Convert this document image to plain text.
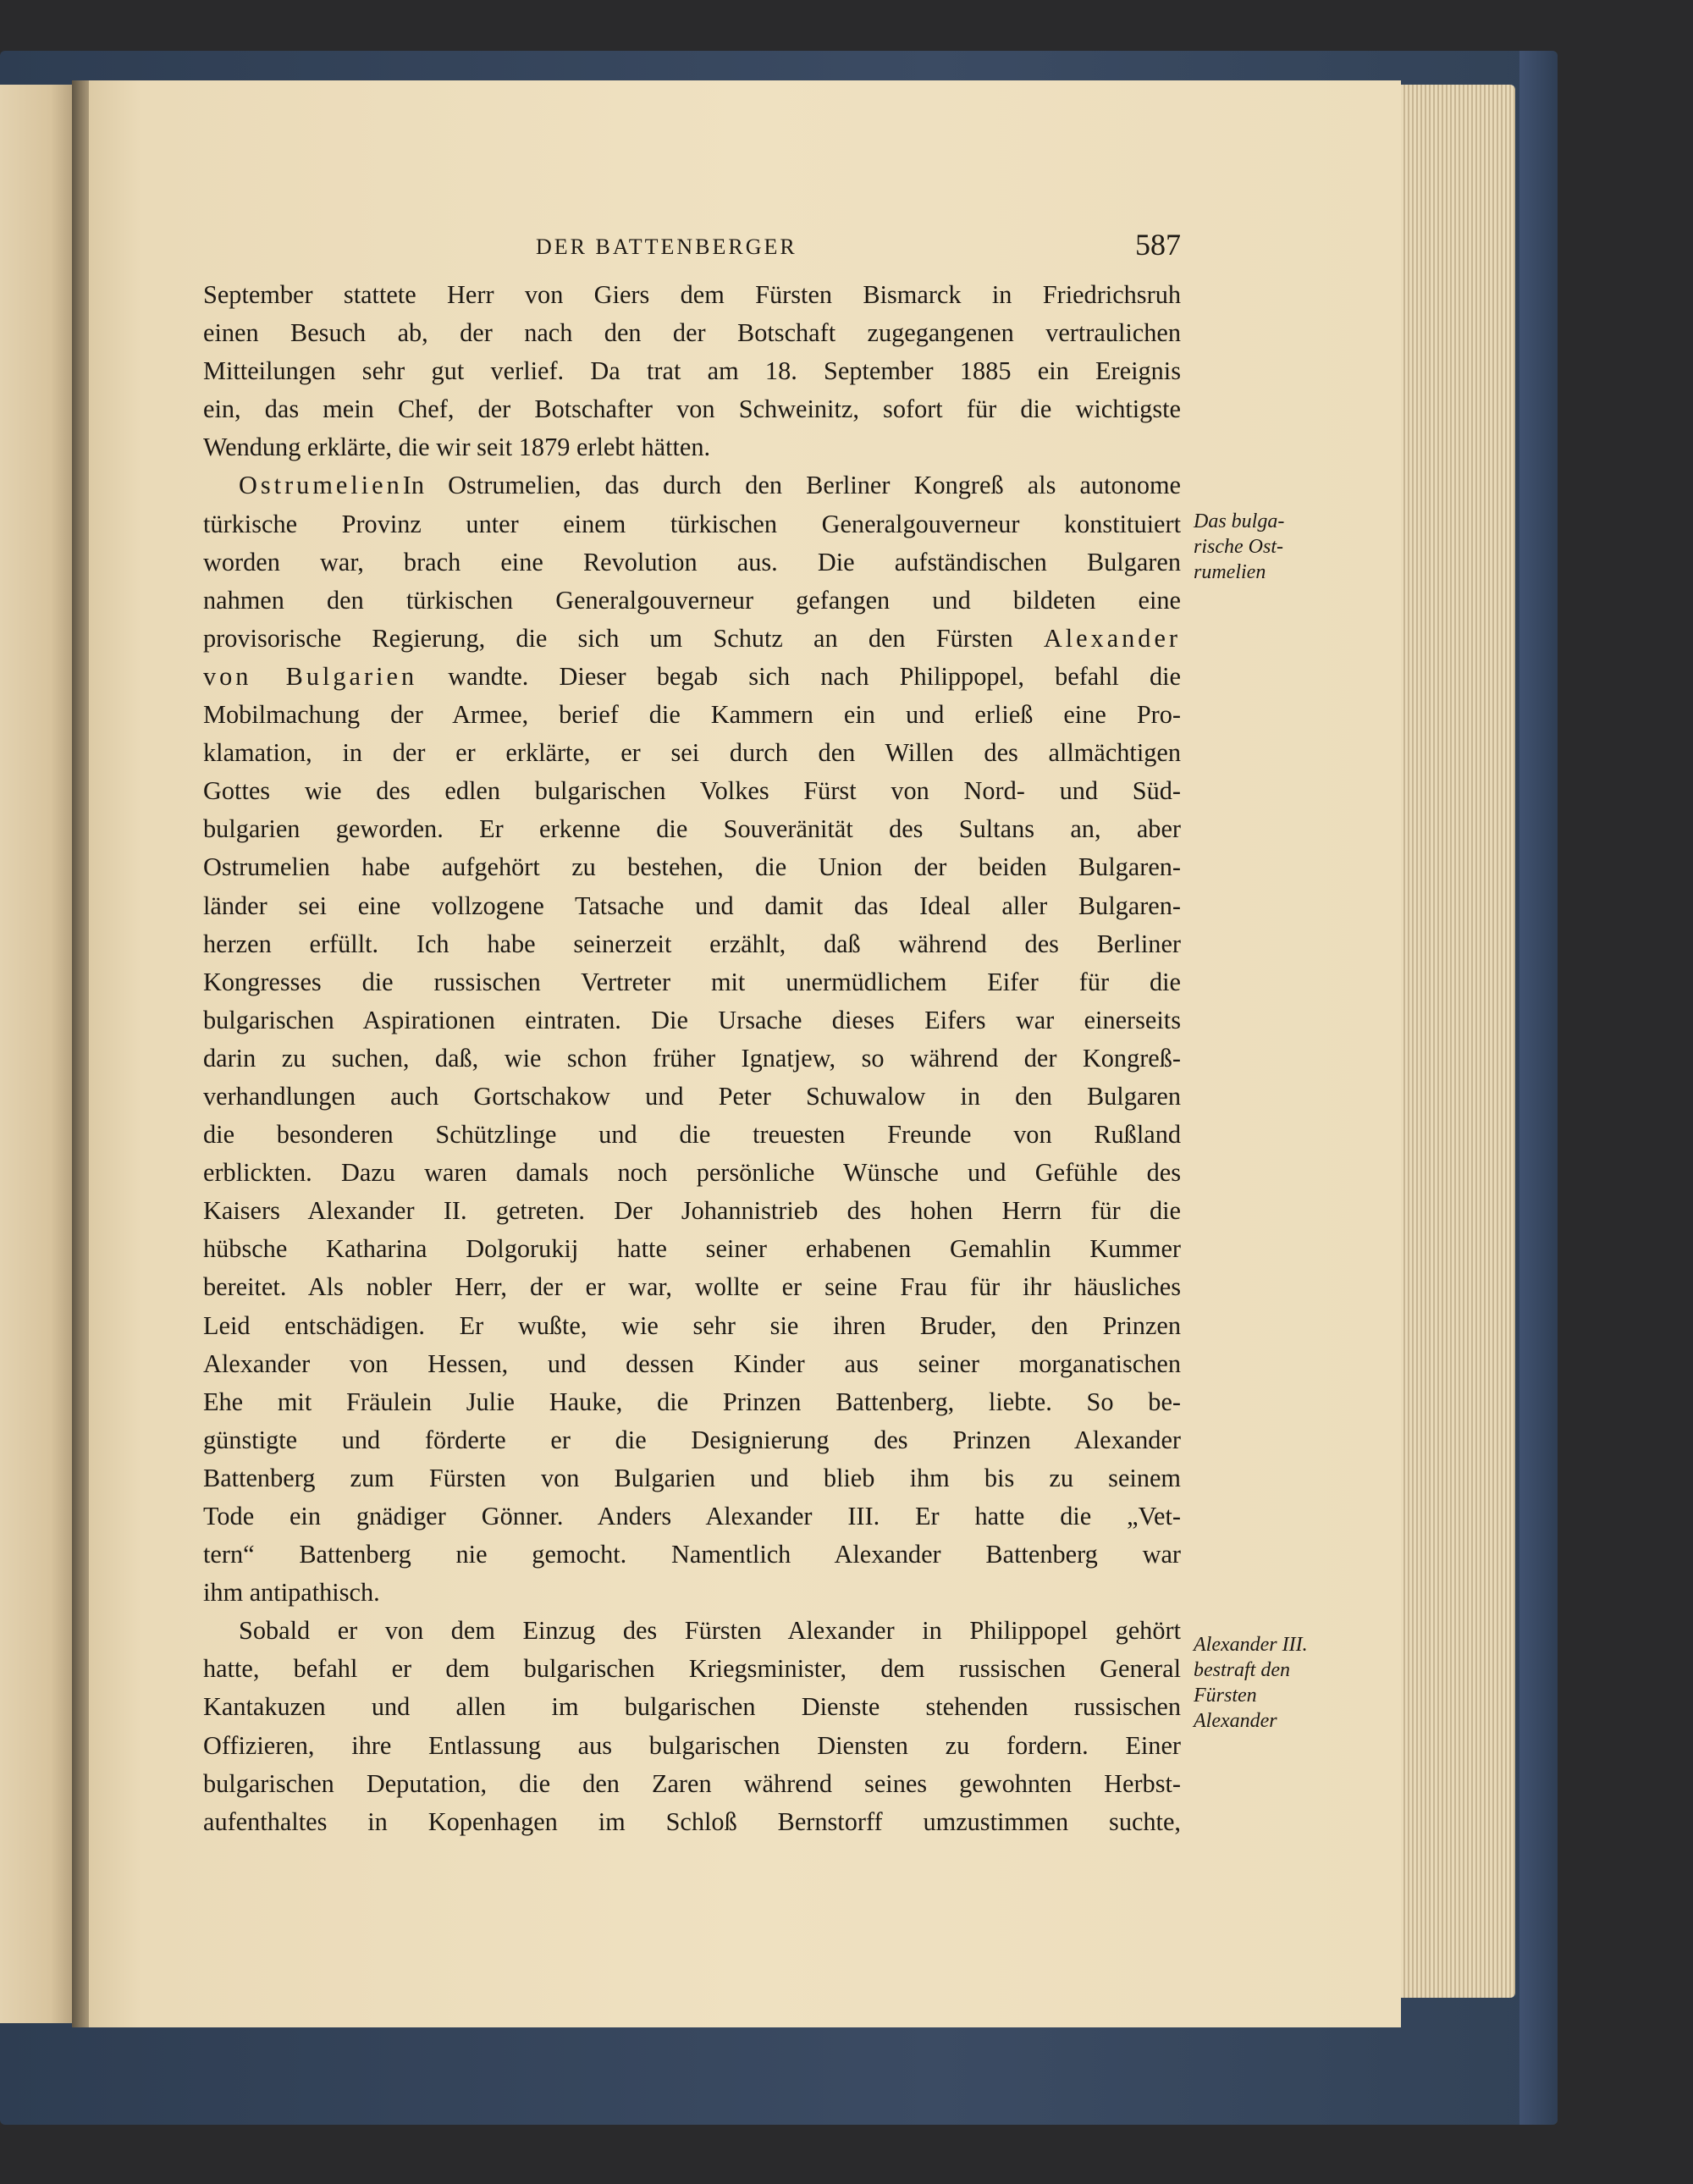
DER BATTENBERGER	587
September stattete Herr von Giers dem Fürsten Bismarck in Friedrichsruh
einen Besuch ab, der nach den der Botschaft zugegangenen vertraulichen
Mitteilungen sehr gut verlief. Da trat am 18. September 1885 ein Ereignis
ein, das mein Chef, der Botschafter von Schweinitz, sofort für die wichtigste
Wendung erklärte, die wir seit 1879 erlebt hätten.
OstrumelienIn Ostrumelien, das durch den Berliner Kongreß als autonome
türkische Provinz unter einem türkischen Generalgouverneur konstituiert
worden war, brach eine Revolution aus. Die aufständischen Bulgaren
nahmen den türkischen Generalgouverneur gefangen und bildeten eine
provisorische Regierung, die sich um Schutz an den Fürsten Alexander
von Bulgarien wandte. Dieser begab sich nach Philippopel, befahl die
Mobilmachung der Armee, berief die Kammern ein und erließ eine Pro-
klamation, in der er erklärte, er sei durch den Willen des allmächtigen
Gottes wie des edlen bulgarischen Volkes Fürst von Nord- und Süd-
bulgarien geworden. Er erkenne die Souveränität des Sultans an, aber
Ostrumelien habe aufgehört zu bestehen, die Union der beiden Bulgaren-
länder sei eine vollzogene Tatsache und damit das Ideal aller Bulgaren-
herzen erfüllt. Ich habe seinerzeit erzählt, daß während des Berliner
Kongresses die russischen Vertreter mit unermüdlichem Eifer für die
bulgarischen Aspirationen eintraten. Die Ursache dieses Eifers war einerseits
darin zu suchen, daß, wie schon früher Ignatjew, so während der Kongreß-
verhandlungen auch Gortschakow und Peter Schuwalow in den Bulgaren
die besonderen Schützlinge und die treuesten Freunde von Rußland
erblickten. Dazu waren damals noch persönliche Wünsche und Gefühle des
Kaisers Alexander II. getreten. Der Johannistrieb des hohen Herrn für die
hübsche Katharina Dolgorukij hatte seiner erhabenen Gemahlin Kummer
bereitet. Als nobler Herr, der er war, wollte er seine Frau für ihr häusliches
Leid entschädigen. Er wußte, wie sehr sie ihren Bruder, den Prinzen
Alexander von Hessen, und dessen Kinder aus seiner morganatischen
Ehe mit Fräulein Julie Hauke, die Prinzen Battenberg, liebte. So be-
günstigte und förderte er die Designierung des Prinzen Alexander
Battenberg zum Fürsten von Bulgarien und blieb ihm bis zu seinem
Tode ein gnädiger Gönner. Anders Alexander III. Er hatte die „Vet-
tern“ Battenberg nie gemocht. Namentlich Alexander Battenberg war
ihm antipathisch.
Sobald er von dem Einzug des Fürsten Alexander in Philippopel gehört
hatte, befahl er dem bulgarischen Kriegsminister, dem russischen General
Kantakuzen und allen im bulgarischen Dienste stehenden russischen
Offizieren, ihre Entlassung aus bulgarischen Diensten zu fordern. Einer
bulgarischen Deputation, die den Zaren während seines gewohnten Herbst-
aufenthaltes in Kopenhagen im Schloß Bernstorff umzustimmen suchte,
Das bulga-
rische Ost-
rumelien
Alexander III.
bestraft den
Fürsten
Alexander
